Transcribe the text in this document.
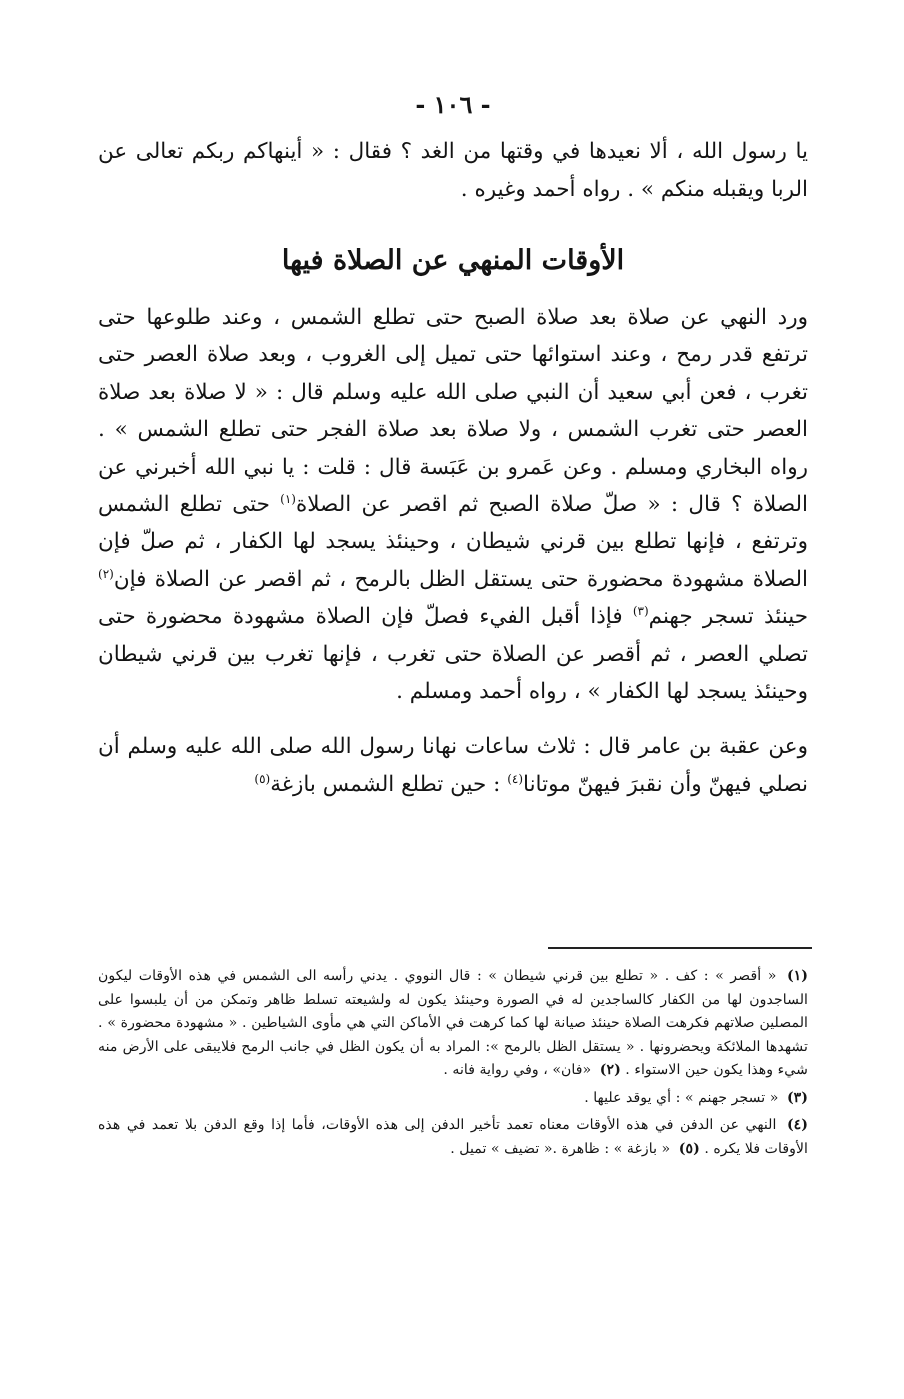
- ١٠٦ -

يا رسول الله ، ألا نعيدها في وقتها من الغد ؟ فقال : « أينهاكم ربكم تعالى عن الربا ويقبله منكم » . رواه أحمد وغيره .

الأوقات المنهي عن الصلاة فيها

ورد النهي عن صلاة بعد صلاة الصبح حتى تطلع الشمس ، وعند طلوعها حتى ترتفع قدر رمح ، وعند استوائها حتى تميل إلى الغروب ، وبعد صلاة العصر حتى تغرب ، فعن أبي سعيد أن النبي صلى الله عليه وسلم قال : « لا صلاة بعد صلاة العصر حتى تغرب الشمس ، ولا صلاة بعد صلاة الفجر حتى تطلع الشمس » . رواه البخاري ومسلم . وعن عَمرو بن عَبَسة قال : قلت : يا نبي الله أخبرني عن الصلاة ؟ قال : « صلّ صلاة الصبح ثم اقصر عن الصلاة$^{(١)}$ حتى تطلع الشمس وترتفع ، فإنها تطلع بين قرني شيطان ، وحينئذ يسجد لها الكفار ، ثم صلّ فإن الصلاة مشهودة محضورة حتى يستقل الظل بالرمح ، ثم اقصر عن الصلاة فإن$^{(٢)}$ حينئذ تسجر جهنم$^{(٣)}$ فإذا أقبل الفيء فصلّ فإن الصلاة مشهودة محضورة حتى تصلي العصر ، ثم أقصر عن الصلاة حتى تغرب ، فإنها تغرب بين قرني شيطان وحينئذ يسجد لها الكفار » ، رواه أحمد ومسلم .

وعن عقبة بن عامر قال : ثلاث ساعات نهانا رسول الله صلى الله عليه وسلم أن نصلي فيهنّ وأن نقبرَ فيهنّ موتانا$^{(٤)}$ : حين تطلع الشمس بازغة$^{(٥)}$

(١) « أقصر » : كف . « تطلع بين قرني شيطان » : قال النووي . يدني رأسه الى الشمس في هذه الأوقات ليكون الساجدون لها من الكفار كالساجدين له في الصورة وحينئذ يكون له ولشيعته تسلط ظاهر وتمكن من أن يلبسوا على المصلين صلاتهم فكرهت الصلاة حينئذ صيانة لها كما كرهت في الأماكن التي هي مأوى الشياطين . « مشهودة محضورة » . تشهدها الملائكة ويحضرونها . « يستقل الظل بالرمح »: المراد به أن يكون الظل في جانب الرمح فلايبقى على الأرض منه شيء وهذا يكون حين الاستواء . (٢) «فان» ، وفي رواية فانه .

(٣) « تسجر جهنم » : أي يوقد عليها .

(٤) النهي عن الدفن في هذه الأوقات معناه تعمد تأخير الدفن إلى هذه الأوقات، فأما إذا وقع الدفن بلا تعمد في هذه الأوقات فلا يكره . (٥) « بازغة » : ظاهرة .« تضيف » تميل .
